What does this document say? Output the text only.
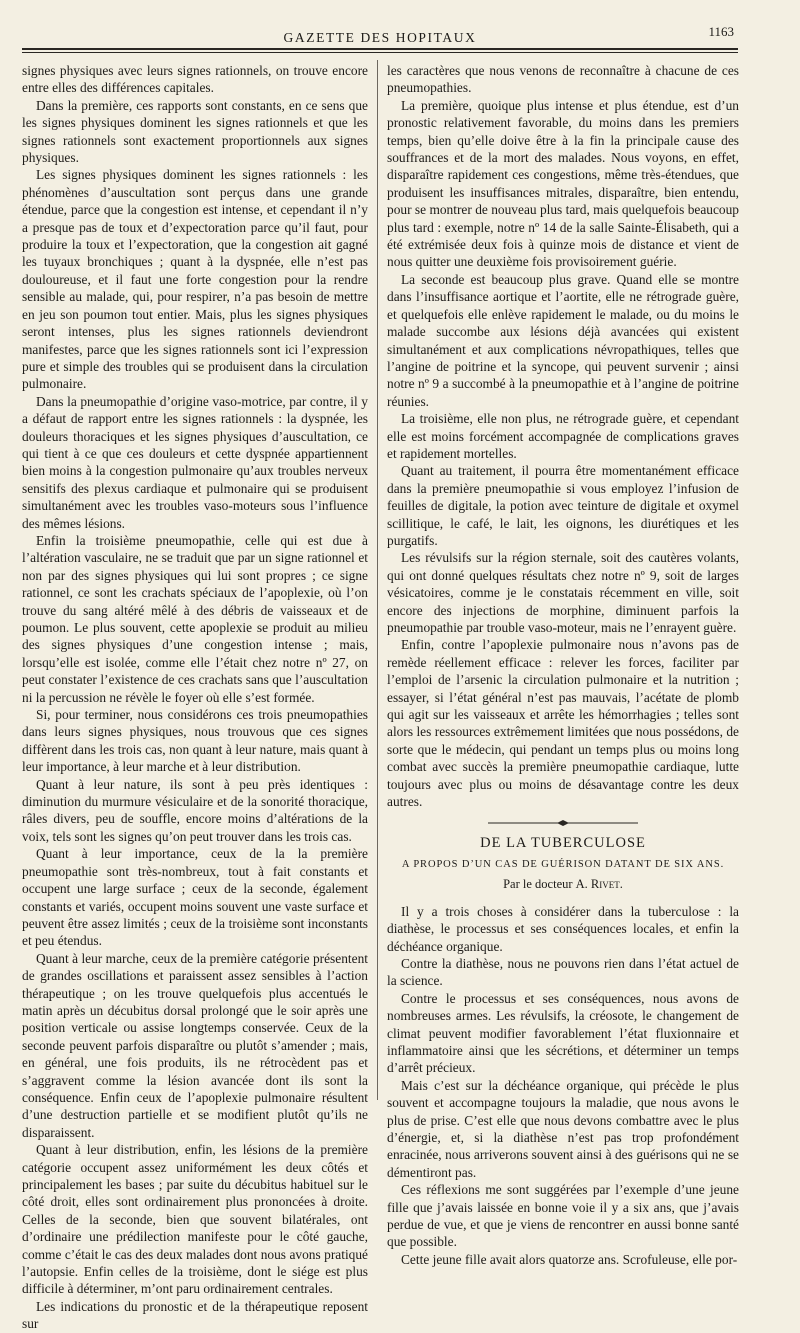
GAZETTE DES HOPITAUX	1163

signes physiques avec leurs signes rationnels, on trouve encore entre elles des différences capitales.

Dans la première, ces rapports sont constants, en ce sens que les signes physiques dominent les signes rationnels et que les signes rationnels sont exactement proportionnels aux signes physiques.

Les signes physiques dominent les signes rationnels : les phénomènes d’auscultation sont perçus dans une grande étendue, parce que la congestion est intense, et cependant il n’y a presque pas de toux et d’expectoration parce qu’il faut, pour produire la toux et l’expectoration, que la congestion ait gagné les tuyaux bronchiques ; quant à la dyspnée, elle n’est pas douloureuse, et il faut une forte congestion pour la rendre sensible au malade, qui, pour respirer, n’a pas besoin de mettre en jeu son poumon tout entier. Mais, plus les signes physiques seront intenses, plus les signes rationnels deviendront manifestes, parce que les signes rationnels sont ici l’expression pure et simple des troubles qui se produisent dans la circulation pulmonaire.

Dans la pneumopathie d’origine vaso-motrice, par contre, il y a défaut de rapport entre les signes rationnels : la dyspnée, les douleurs thoraciques et les signes physiques d’auscultation, ce qui tient à ce que ces douleurs et cette dyspnée appartiennent bien moins à la congestion pulmonaire qu’aux troubles nerveux sensitifs des plexus cardiaque et pulmonaire qui se produisent simultanément avec les troubles vaso-moteurs sous l’influence des mêmes lésions.

Enfin la troisième pneumopathie, celle qui est due à l’altération vasculaire, ne se traduit que par un signe rationnel et non par des signes physiques qui lui sont propres ; ce signe rationnel, ce sont les crachats spéciaux de l’apoplexie, où l’on trouve du sang altéré mêlé à des débris de vaisseaux et de poumon. Le plus souvent, cette apoplexie se produit au milieu des signes physiques d’une congestion intense ; mais, lorsqu’elle est isolée, comme elle l’était chez notre nº 27, on peut constater l’existence de ces crachats sans que l’auscultation ni la percussion ne révèle le foyer où elle s’est formée.

Si, pour terminer, nous considérons ces trois pneumopathies dans leurs signes physiques, nous trouvous que ces signes diffèrent dans les trois cas, non quant à leur nature, mais quant à leur importance, à leur marche et à leur distribution.

Quant à leur nature, ils sont à peu près identiques : diminution du murmure vésiculaire et de la sonorité thoracique, râles divers, peu de souffle, encore moins d’altérations de la voix, tels sont les signes qu’on peut trouver dans les trois cas.

Quant à leur importance, ceux de la la première pneumopathie sont très-nombreux, tout à fait constants et occupent une large surface ; ceux de la seconde, également constants et variés, occupent moins souvent une vaste surface et peuvent être assez limités ; ceux de la troisième sont inconstants et peu étendus.

Quant à leur marche, ceux de la première catégorie présentent de grandes oscillations et paraissent assez sensibles à l’action thérapeutique ; on les trouve quelquefois plus accentués le matin après un décubitus dorsal prolongé que le soir après une position verticale ou assise longtemps conservée. Ceux de la seconde peuvent parfois disparaître ou plutôt s’amender ; mais, en général, une fois produits, ils ne rétrocèdent pas et s’aggravent comme la lésion avancée dont ils sont la conséquence. Enfin ceux de l’apoplexie pulmonaire résultent d’une destruction partielle et se modifient plutôt qu’ils ne disparaissent.

Quant à leur distribution, enfin, les lésions de la première catégorie occupent assez uniformément les deux côtés et principalement les bases ; par suite du décubitus habituel sur le côté droit, elles sont ordinairement plus prononcées à droite. Celles de la seconde, bien que souvent bilatérales, ont d’ordinaire une prédilection manifeste pour le côté gauche, comme c’était le cas des deux malades dont nous avons pratiqué l’autopsie. Enfin celles de la troisième, dont le siége est plus difficile à déterminer, m’ont paru ordinairement centrales.

Les indications du pronostic et de la thérapeutique reposent sur

les caractères que nous venons de reconnaître à chacune de ces pneumopathies.

La première, quoique plus intense et plus étendue, est d’un pronostic relativement favorable, du moins dans les premiers temps, bien qu’elle doive être à la fin la principale cause des souffrances et de la mort des malades. Nous voyons, en effet, disparaître rapidement ces congestions, même très-étendues, que produisent les insuffisances mitrales, disparaître, bien entendu, pour se montrer de nouveau plus tard, mais quelquefois beaucoup plus tard : exemple, notre nº 14 de la salle Sainte-Élisabeth, qui a été extrémisée deux fois à quinze mois de distance et vient de nous quitter une deuxième fois provisoirement guérie.

La seconde est beaucoup plus grave. Quand elle se montre dans l’insuffisance aortique et l’aortite, elle ne rétrograde guère, et quelquefois elle enlève rapidement le malade, ou du moins le malade succombe aux lésions déjà avancées qui existent simultanément et aux complications névropathiques, telles que l’angine de poitrine et la syncope, qui peuvent survenir ; ainsi notre nº 9 a succombé à la pneumopathie et à l’angine de poitrine réunies.

La troisième, elle non plus, ne rétrograde guère, et cependant elle est moins forcément accompagnée de complications graves et rapidement mortelles.

Quant au traitement, il pourra être momentanément efficace dans la première pneumopathie si vous employez l’infusion de feuilles de digitale, la potion avec teinture de digitale et oxymel scillitique, le café, le lait, les oignons, les diurétiques et les purgatifs.

Les révulsifs sur la région sternale, soit des cautères volants, qui ont donné quelques résultats chez notre nº 9, soit de larges vésicatoires, comme je le constatais récemment en ville, soit encore des injections de morphine, diminuent parfois la pneumopathie par trouble vaso-moteur, mais ne l’enrayent guère.

Enfin, contre l’apoplexie pulmonaire nous n’avons pas de remède réellement efficace : relever les forces, faciliter par l’emploi de l’arsenic la circulation pulmonaire et la nutrition ; essayer, si l’état général n’est pas mauvais, l’acétate de plomb qui agit sur les vaisseaux et arrête les hémorrhagies ; telles sont alors les ressources extrêmement limitées que nous possédons, de sorte que le médecin, qui pendant un temps plus ou moins long combat avec succès la première pneumopathie cardiaque, lutte toujours avec plus ou moins de désavantage contre les deux autres.

DE LA TUBERCULOSE
A PROPOS D’UN CAS DE GUÉRISON DATANT DE SIX ANS.
Par le docteur A. Rivet.

Il y a trois choses à considérer dans la tuberculose : la diathèse, le processus et ses conséquences locales, et enfin la déchéance organique.

Contre la diathèse, nous ne pouvons rien dans l’état actuel de la science.

Contre le processus et ses conséquences, nous avons de nombreuses armes. Les révulsifs, la créosote, le changement de climat peuvent modifier favorablement l’état fluxionnaire et inflammatoire ainsi que les sécrétions, et déterminer un temps d’arrêt précieux.

Mais c’est sur la déchéance organique, qui précède le plus souvent et accompagne toujours la maladie, que nous avons le plus de prise. C’est elle que nous devons combattre avec le plus d’énergie, et, si la diathèse n’est pas trop profondément enracinée, nous arriverons souvent ainsi à des guérisons qui ne se démentiront pas.

Ces réflexions me sont suggérées par l’exemple d’une jeune fille que j’avais laissée en bonne voie il y a six ans, que j’avais perdue de vue, et que je viens de rencontrer en aussi bonne santé que possible.

Cette jeune fille avait alors quatorze ans. Scrofuleuse, elle por-
